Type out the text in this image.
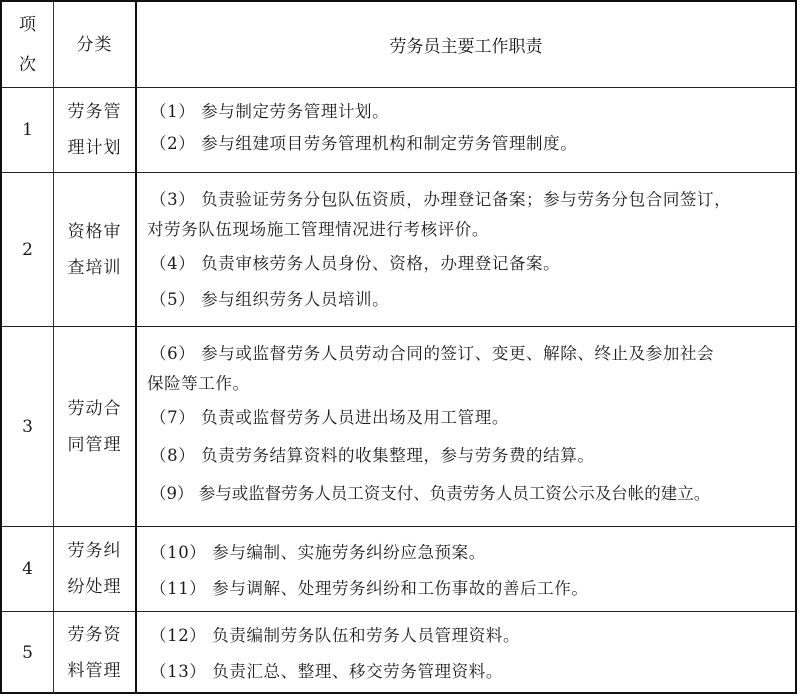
项次
分类	劳务员主要工作职责
1
劳务管理计划
（1） 参与制定劳务管理计划。
（2） 参与组建项目劳务管理机构和制定劳务管理制度。
2
资格审查培训
（3） 负责验证劳务分包队伍资质，办理登记备案；参与劳务分包合同签订，
对劳务队伍现场施工管理情况进行考核评价。
（4） 负责审核劳务人员身份、资格，办理登记备案。
（5） 参与组织劳务人员培训。
3
劳动合同管理
（6） 参与或监督劳务人员劳动合同的签订、变更、解除、终止及参加社会
保险等工作。
（7） 负责或监督劳务人员进出场及用工管理。
（8） 负责劳务结算资料的收集整理，参与劳务费的结算。
（9） 参与或监督劳务人员工资支付、负责劳务人员工资公示及台帐的建立。
4
劳务纠纷处理
（10） 参与编制、实施劳务纠纷应急预案。
（11） 参与调解、处理劳务纠纷和工伤事故的善后工作。
5
劳务资料管理
（12） 负责编制劳务队伍和劳务人员管理资料。
（13） 负责汇总、整理、移交劳务管理资料。
